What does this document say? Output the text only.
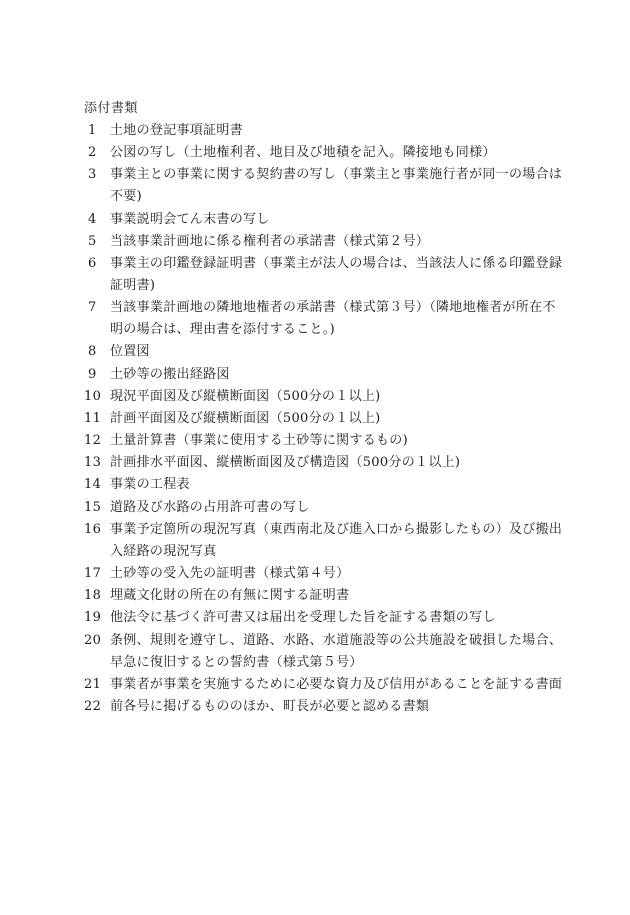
添付書類
1	土地の登記事項証明書
2	公図の写し（土地権利者、地目及び地積を記入。隣接地も同様）
3	事業主との事業に関する契約書の写し（事業主と事業施行者が同一の場合は
不要)
4	事業説明会てん末書の写し
5	当該事業計画地に係る権利者の承諾書（様式第２号）
6	事業主の印鑑登録証明書（事業主が法人の場合は、当該法人に係る印鑑登録
証明書)
7	当該事業計画地の隣地地権者の承諾書（様式第３号）（隣地地権者が所在不
明の場合は、理由書を添付すること。)
8	位置図
9	土砂等の搬出経路図
10 現況平面図及び縦横断面図（500分の１以上)
11 計画平面図及び縦横断面図（500分の１以上)
12 土量計算書（事業に使用する土砂等に関するもの)
13 計画排水平面図、縦横断面図及び構造図（500分の１以上)
14 事業の工程表
15 道路及び水路の占用許可書の写し
16 事業予定箇所の現況写真（東西南北及び進入口から撮影したもの）及び搬出
入経路の現況写真
17 土砂等の受入先の証明書（様式第４号）
18 埋蔵文化財の所在の有無に関する証明書
19 他法令に基づく許可書又は届出を受理した旨を証する書類の写し
20 条例、規則を遵守し、道路、水路、水道施設等の公共施設を破損した場合、
早急に復旧するとの誓約書（様式第５号）
21 事業者が事業を実施するために必要な資力及び信用があることを証する書面
22 前各号に掲げるもののほか、町長が必要と認める書類
